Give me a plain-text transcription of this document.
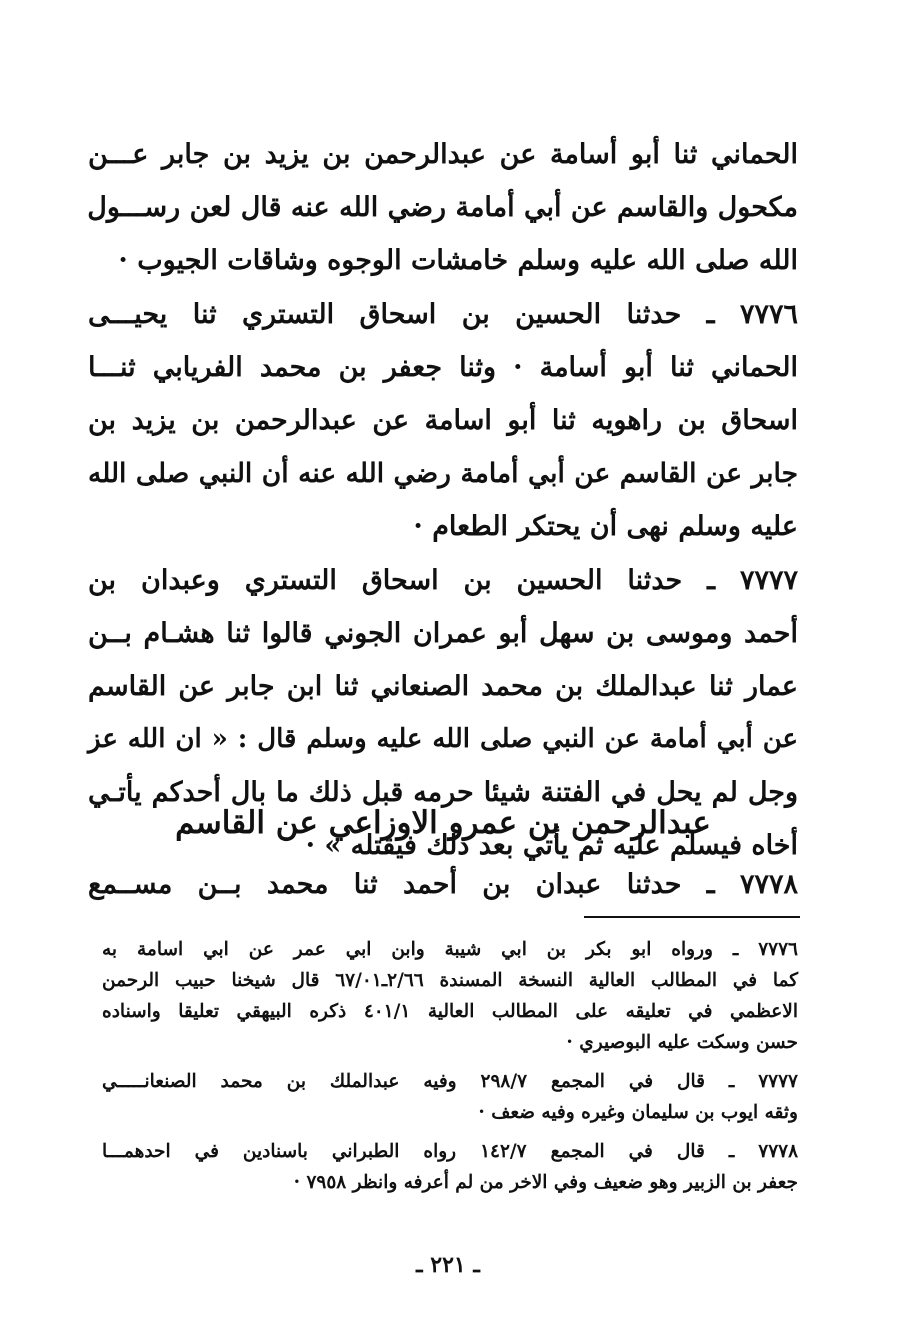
الحماني ثنا أبو أسامة عن عبدالرحمن بن يزيد بن جابر عـــن
مكحول والقاسم عن أبي أمامة رضي الله عنه قال لعن رســـول
الله صلى الله عليه وسلم خامشات الوجوه وشاقات الجيوب ·
٧٧٧٦ ـ حدثنا الحسين بن اسحاق التستري ثنا يحيـــى
الحماني ثنا أبو أسامة · وثنا جعفر بن محمد الفريابي ثنـــا
اسحاق بن راهويه ثنا أبو اسامة عن عبدالرحمن بن يزيد بن
جابر عن القاسم عن أبي أمامة رضي الله عنه أن النبي صلى الله
عليه وسلم نهى أن يحتكر الطعام ·
٧٧٧٧ ـ حدثنا الحسين بن اسحاق التستري وعبدان بن
أحمد وموسى بن سهل أبو عمران الجوني قالوا ثنا هشـام بــن
عمار ثنا عبدالملك بن محمد الصنعاني ثنا ابن جابر عن القاسم
عن أبي أمامة عن النبي صلى الله عليه وسلم قال : « ان الله عز
وجل لم يحل في الفتنة شيئا حرمه قبل ذلك ما بال أحدكم يأتـي
أخاه فيسلم عليه ثم يأتي بعد ذلك فيقتله » ·
عبدالرحمن بن عمرو الاوزاعي عن القاسم
٧٧٧٨ ـ حدثنا عبدان بن أحمد ثنا محمد بــن مســمع
٧٧٧٦ ـ ورواه ابو بكر بن ابي شيبة وابن ابي عمر عن ابي اسامة به
كما في المطالب العالية النسخة المسندة ٢/٦٦ـ٦٧/٠١ قال شيخنا حبيب الرحمن
الاعظمي في تعليقه على المطالب العالية ٤٠١/١ ذكره البيهقي تعليقا واسناده
حسن وسكت عليه البوصيري ·
٧٧٧٧ ـ قال في المجمع ٢٩٨/٧ وفيه عبدالملك بن محمد الصنعانـــــي
وثقه ايوب بن سليمان وغيره وفيه ضعف ·
٧٧٧٨ ـ قال في المجمع ١٤٢/٧ رواه الطبراني باسنادين في احدهمـــا
جعفر بن الزبير وهو ضعيف وفي الاخر من لم أعرفه وانظر ٧٩٥٨ ·
ـ ٢٢١ ـ
